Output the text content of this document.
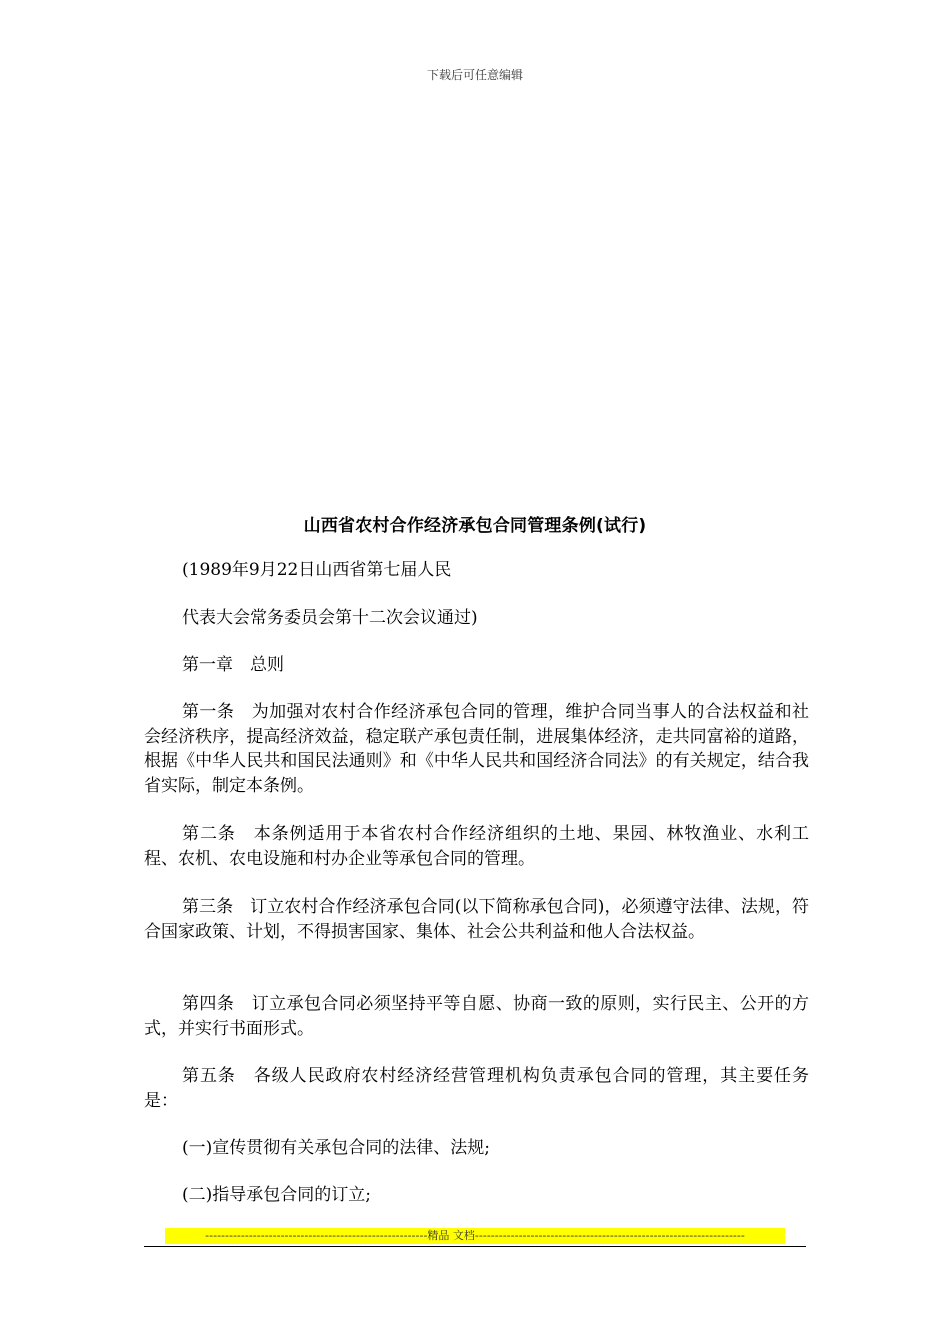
下载后可任意编辑
山西省农村合作经济承包合同管理条例(试行)

(1989年9月22日山西省第七届人民

代表大会常务委员会第十二次会议通过)

第一章　总则

第一条　为加强对农村合作经济承包合同的管理，维护合同当事人的合法权益和社会经济秩序，提高经济效益，稳定联产承包责任制，进展集体经济，走共同富裕的道路，根据《中华人民共和国民法通则》和《中华人民共和国经济合同法》的有关规定，结合我省实际，制定本条例。

第二条　本条例适用于本省农村合作经济组织的土地、果园、林牧渔业、水利工程、农机、农电设施和村办企业等承包合同的管理。

第三条　订立农村合作经济承包合同(以下简称承包合同)，必须遵守法律、法规，符合国家政策、计划，不得损害国家、集体、社会公共利益和他人合法权益。

第四条　订立承包合同必须坚持平等自愿、协商一致的原则，实行民主、公开的方式，并实行书面形式。

第五条　各级人民政府农村经济经营管理机构负责承包合同的管理，其主要任务是：

(一)宣传贯彻有关承包合同的法律、法规;

(二)指导承包合同的订立;

--------------------------------------------------------精品 文档--------------------------------------------------------------------
